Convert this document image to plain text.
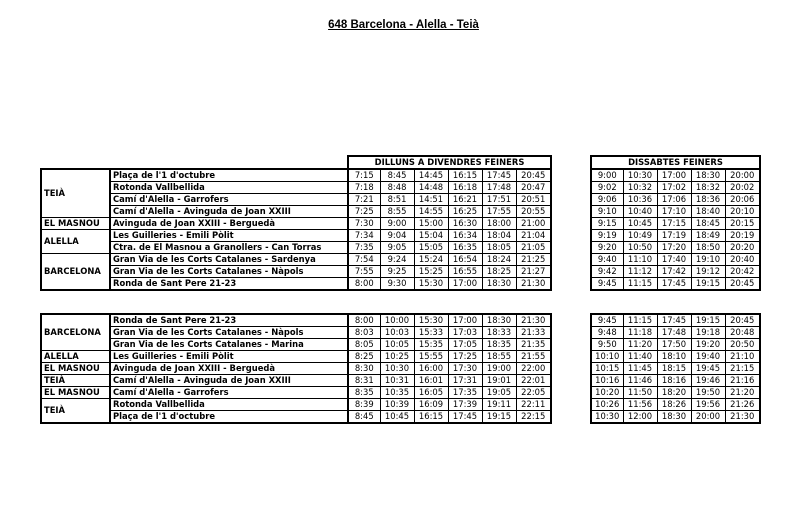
648 Barcelona - Alella - Teià
		DILLUNS A DIVENDRES FEINERS							DISSABTES FEINERS				
TEIÀ	Plaça de l'1 d'octubre	7:15	8:45	14:45	16:15	17:45	20:45		9:00	10:30	17:00	18:30	20:00
	Rotonda Vallbellida	7:18	8:48	14:48	16:18	17:48	20:47		9:02	10:32	17:02	18:32	20:02
	Camí d'Alella - Garrofers	7:21	8:51	14:51	16:21	17:51	20:51		9:06	10:36	17:06	18:36	20:06
	Camí d'Alella - Avinguda de Joan XXIII	7:25	8:55	14:55	16:25	17:55	20:55		9:10	10:40	17:10	18:40	20:10
EL MASNOU	Avinguda de Joan XXIII - Berguedà	7:30	9:00	15:00	16:30	18:00	21:00		9:15	10:45	17:15	18:45	20:15
ALELLA	Les Guilleries - Emili Pòlit	7:34	9:04	15:04	16:34	18:04	21:04		9:19	10:49	17:19	18:49	20:19
	Ctra. de El Masnou a Granollers - Can Torras	7:35	9:05	15:05	16:35	18:05	21:05		9:20	10:50	17:20	18:50	20:20
BARCELONA	Gran Via de les Corts Catalanes - Sardenya	7:54	9:24	15:24	16:54	18:24	21:25		9:40	11:10	17:40	19:10	20:40
	Gran Via de les Corts Catalanes - Nàpols	7:55	9:25	15:25	16:55	18:25	21:27		9:42	11:12	17:42	19:12	20:42
	Ronda de Sant Pere 21-23	8:00	9:30	15:30	17:00	18:30	21:30		9:45	11:15	17:45	19:15	20:45
BARCELONA	Ronda de Sant Pere 21-23	8:00	10:00	15:30	17:00	18:30	21:30		9:45	11:15	17:45	19:15	20:45
	Gran Via de les Corts Catalanes - Nàpols	8:03	10:03	15:33	17:03	18:33	21:33		9:48	11:18	17:48	19:18	20:48
	Gran Via de les Corts Catalanes - Marina	8:05	10:05	15:35	17:05	18:35	21:35		9:50	11:20	17:50	19:20	20:50
ALELLA	Les Guilleries - Emili Pòlit	8:25	10:25	15:55	17:25	18:55	21:55		10:10	11:40	18:10	19:40	21:10
EL MASNOU	Avinguda de Joan XXIII - Berguedà	8:30	10:30	16:00	17:30	19:00	22:00		10:15	11:45	18:15	19:45	21:15
TEIÀ	Camí d'Alella - Avinguda de Joan XXIII	8:31	10:31	16:01	17:31	19:01	22:01		10:16	11:46	18:16	19:46	21:16
EL MASNOU	Camí d'Alella - Garrofers	8:35	10:35	16:05	17:35	19:05	22:05		10:20	11:50	18:20	19:50	21:20
TEIÀ	Rotonda Vallbellida	8:39	10:39	16:09	17:39	19:11	22:11		10:26	11:56	18:26	19:56	21:26
	Plaça de l'1 d'octubre	8:45	10:45	16:15	17:45	19:15	22:15		10:30	12:00	18:30	20:00	21:30
